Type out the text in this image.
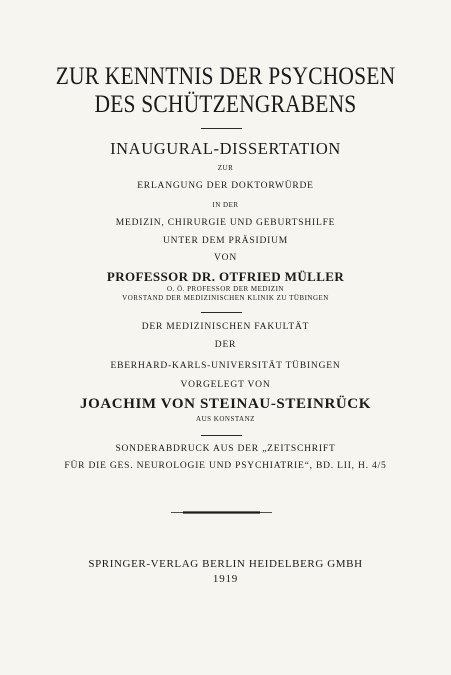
ZUR KENNTNIS DER PSYCHOSEN
DES SCHÜTZENGRABENS
INAUGURAL-DISSERTATION
ZUR
ERLANGUNG DER DOKTORWÜRDE
IN DER
MEDIZIN, CHIRURGIE UND GEBURTSHILFE
UNTER DEM PRÄSIDIUM
VON
PROFESSOR DR. OTFRIED MÜLLER
O. Ö. PROFESSOR DER MEDIZIN
VORSTAND DER MEDIZINISCHEN KLINIK ZU TÜBINGEN
DER MEDIZINISCHEN FAKULTÄT
DER
EBERHARD-KARLS-UNIVERSITÄT TÜBINGEN
VORGELEGT VON
JOACHIM VON STEINAU-STEINRÜCK
AUS KONSTANZ
SONDERABDRUCK AUS DER „ZEITSCHRIFT
FÜR DIE GES. NEUROLOGIE UND PSYCHIATRIE“, BD. LII, H. 4/5
SPRINGER-VERLAG BERLIN HEIDELBERG GMBH
1919
